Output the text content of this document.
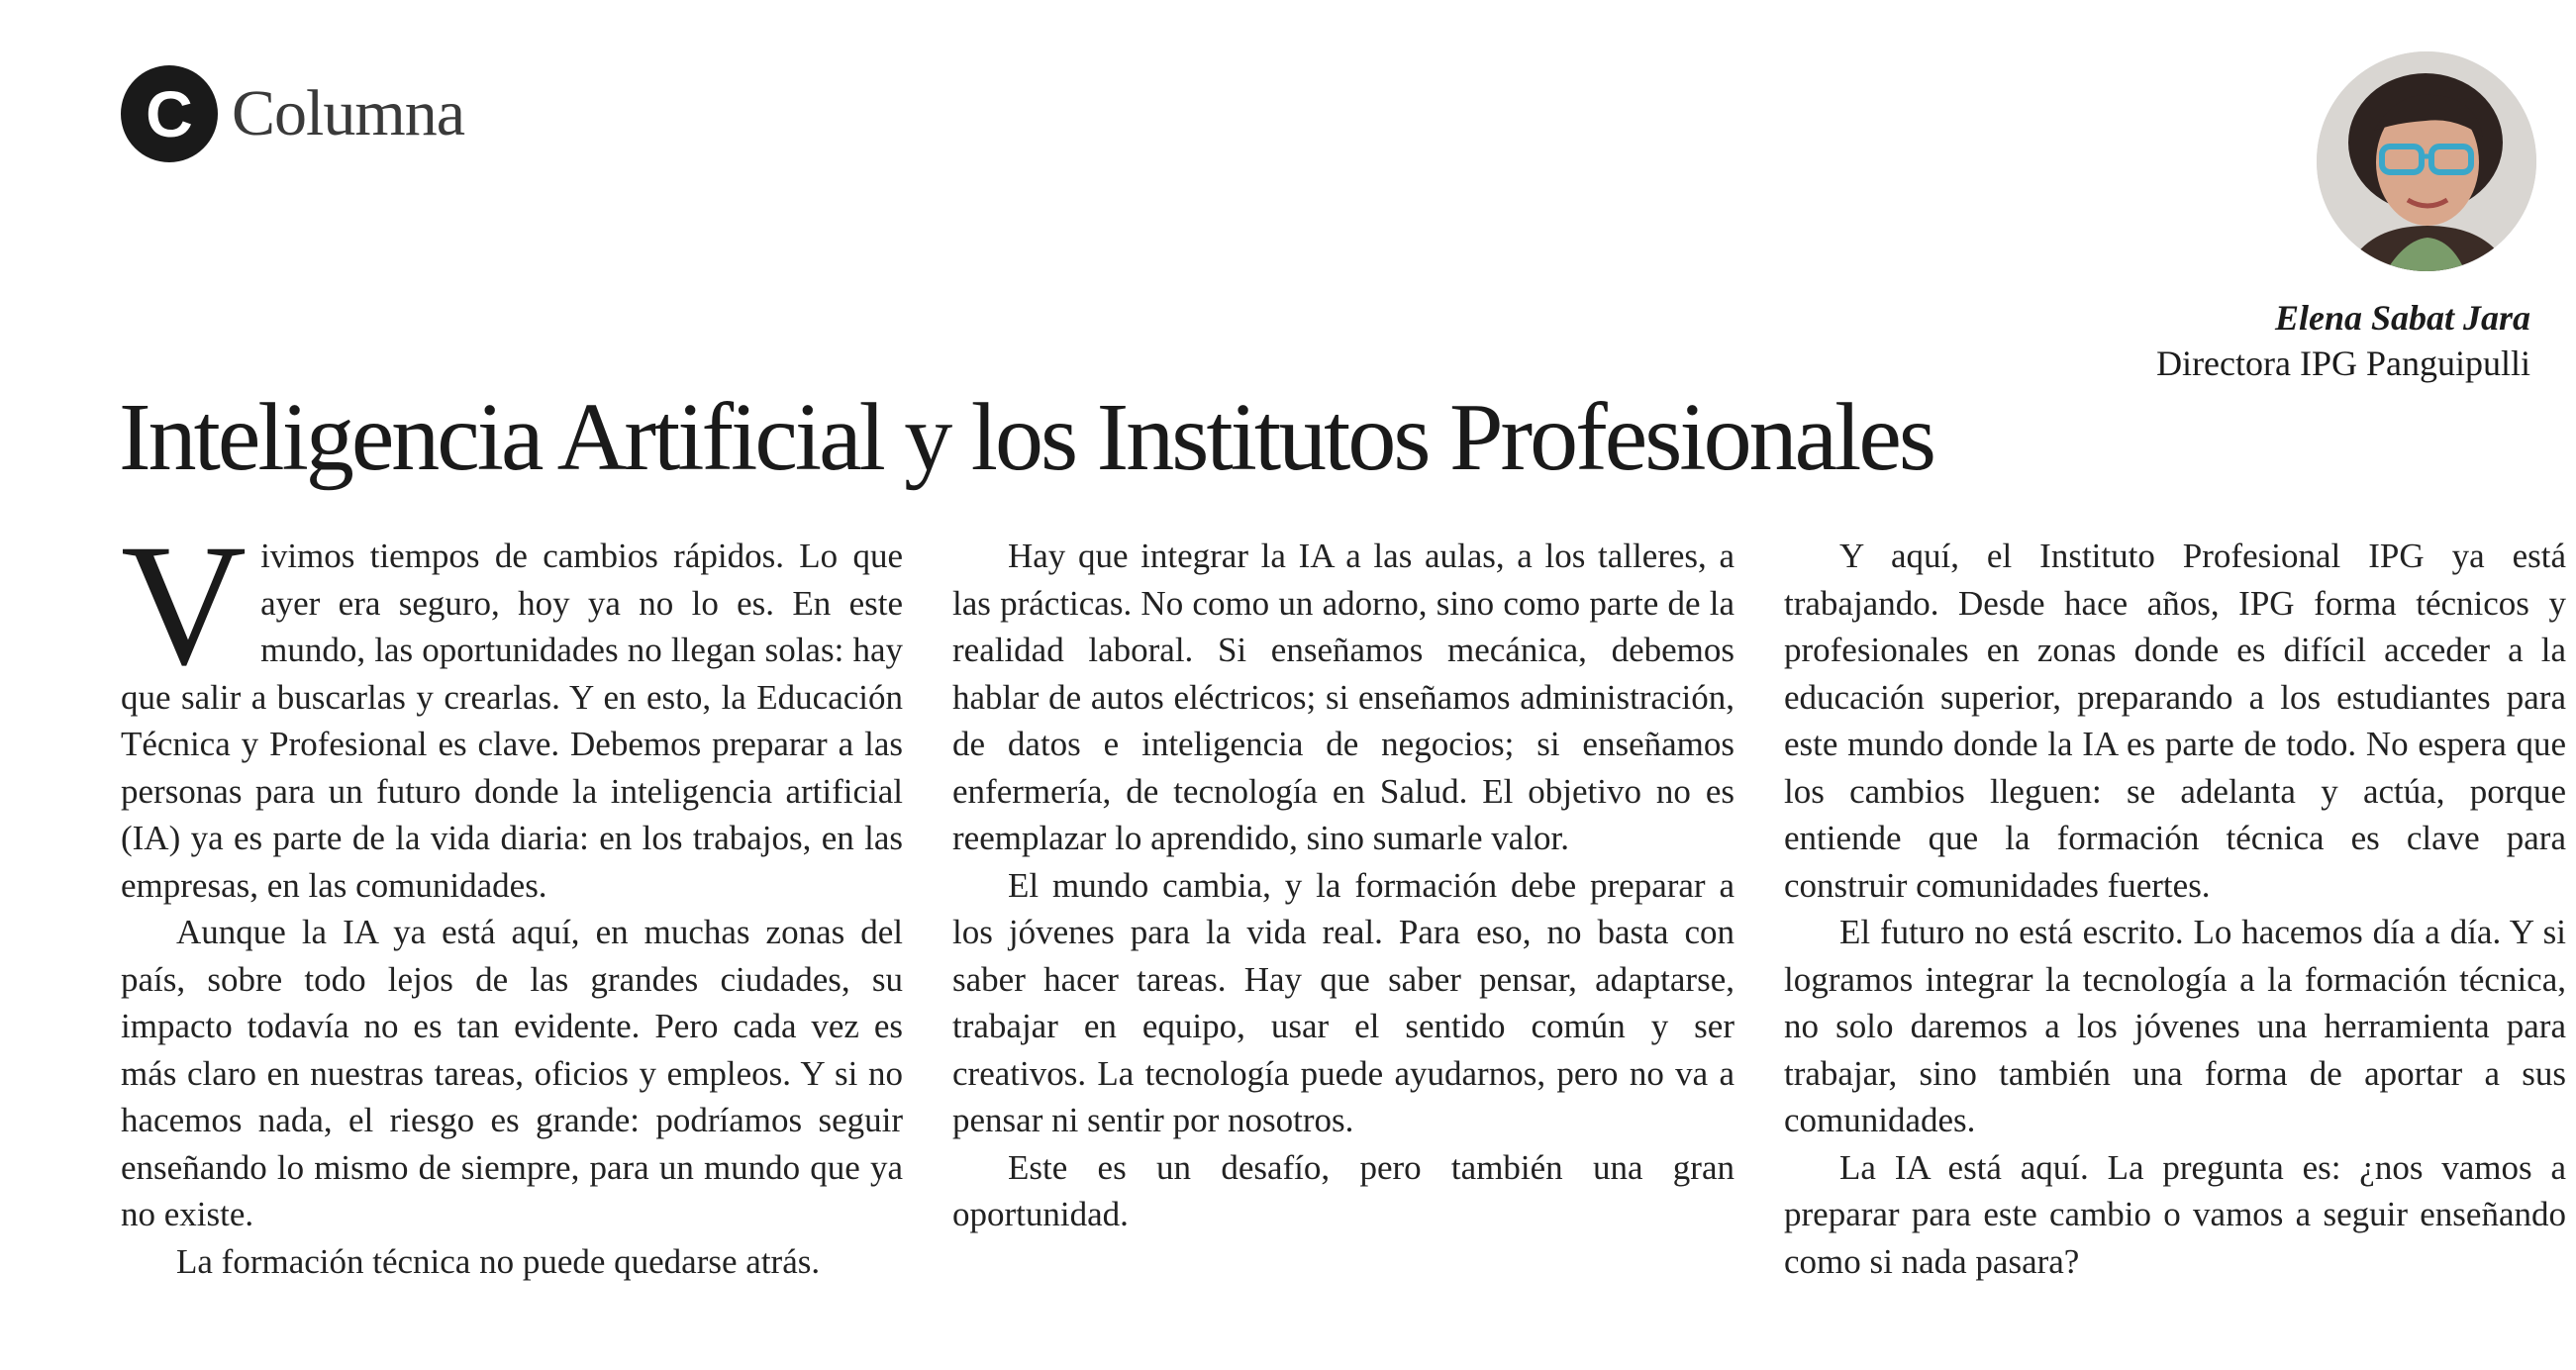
C Columna
Elena Sabat Jara
Directora IPG Panguipulli
Inteligencia Artificial y los Institutos Profesionales

Vivimos tiempos de cambios rápidos. Lo que ayer era seguro, hoy ya no lo es. En este mundo, las oportunidades no llegan solas: hay que salir a buscarlas y crearlas. Y en esto, la Educación Técnica y Profesional es clave. Debemos preparar a las personas para un futuro donde la inteligencia artificial (IA) ya es parte de la vida diaria: en los trabajos, en las empresas, en las comunidades.

Aunque la IA ya está aquí, en muchas zonas del país, sobre todo lejos de las grandes ciudades, su impacto todavía no es tan evidente. Pero cada vez es más claro en nuestras tareas, oficios y empleos. Y si no hacemos nada, el riesgo es grande: podríamos seguir enseñando lo mismo de siempre, para un mundo que ya no existe.

La formación técnica no puede quedarse atrás.

Hay que integrar la IA a las aulas, a los talleres, a las prácticas. No como un adorno, sino como parte de la realidad laboral. Si enseñamos mecánica, debemos hablar de autos eléctricos; si enseñamos administración, de datos e inteligencia de negocios; si enseñamos enfermería, de tecnología en Salud. El objetivo no es reemplazar lo aprendido, sino sumarle valor.

El mundo cambia, y la formación debe preparar a los jóvenes para la vida real. Para eso, no basta con saber hacer tareas. Hay que saber pensar, adaptarse, trabajar en equipo, usar el sentido común y ser creativos. La tecnología puede ayudarnos, pero no va a pensar ni sentir por nosotros.

Este es un desafío, pero también una gran oportunidad.

Y aquí, el Instituto Profesional IPG ya está trabajando. Desde hace años, IPG forma técnicos y profesionales en zonas donde es difícil acceder a la educación superior, preparando a los estudiantes para este mundo donde la IA es parte de todo. No espera que los cambios lleguen: se adelanta y actúa, porque entiende que la formación técnica es clave para construir comunidades fuertes.

El futuro no está escrito. Lo hacemos día a día. Y si logramos integrar la tecnología a la formación técnica, no solo daremos a los jóvenes una herramienta para trabajar, sino también una forma de aportar a sus comunidades.

La IA está aquí. La pregunta es: ¿nos vamos a preparar para este cambio o vamos a seguir enseñando como si nada pasara?
